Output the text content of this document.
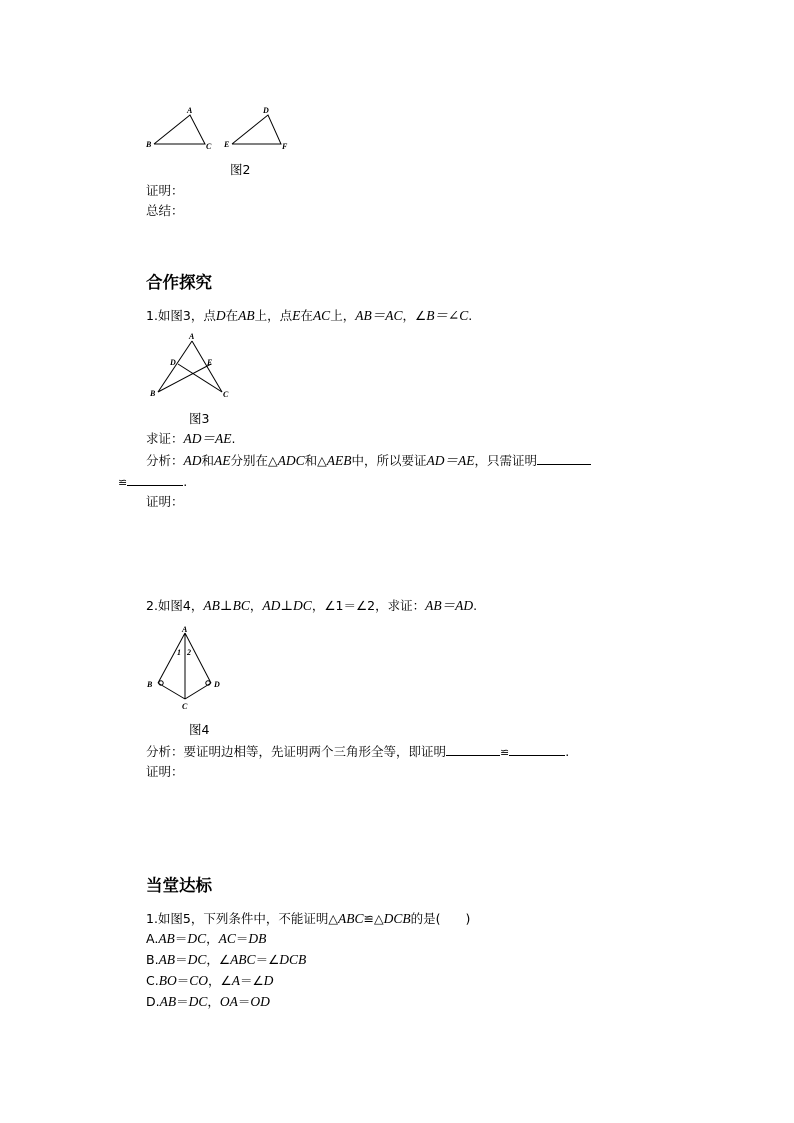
A
B	C
D
E	F
图2
证明：
总结：
合作探究
1.如图3，点D在AB上，点E在AC上，AB＝AC，∠B＝∠C.
A
B	C
D	E
图3
求证：AD＝AE.
分析：AD和AE分别在△ADC和△AEB中，所以要证AD＝AE，只需证明
≌	.
证明：
2.如图4，AB⊥BC，AD⊥DC，∠1＝∠2，求证：AB＝AD.
A
B
C
D
1 2
图4
分析：要证明边相等，先证明两个三角形全等，即证明	≌	.
证明：
当堂达标
1.如图5，下列条件中，不能证明△ABC≌△DCB的是(　　)
A.AB＝DC，AC＝DB
B.AB＝DC，∠ABC＝∠DCB
C.BO＝CO，∠A＝∠D
D.AB＝DC，OA＝OD
